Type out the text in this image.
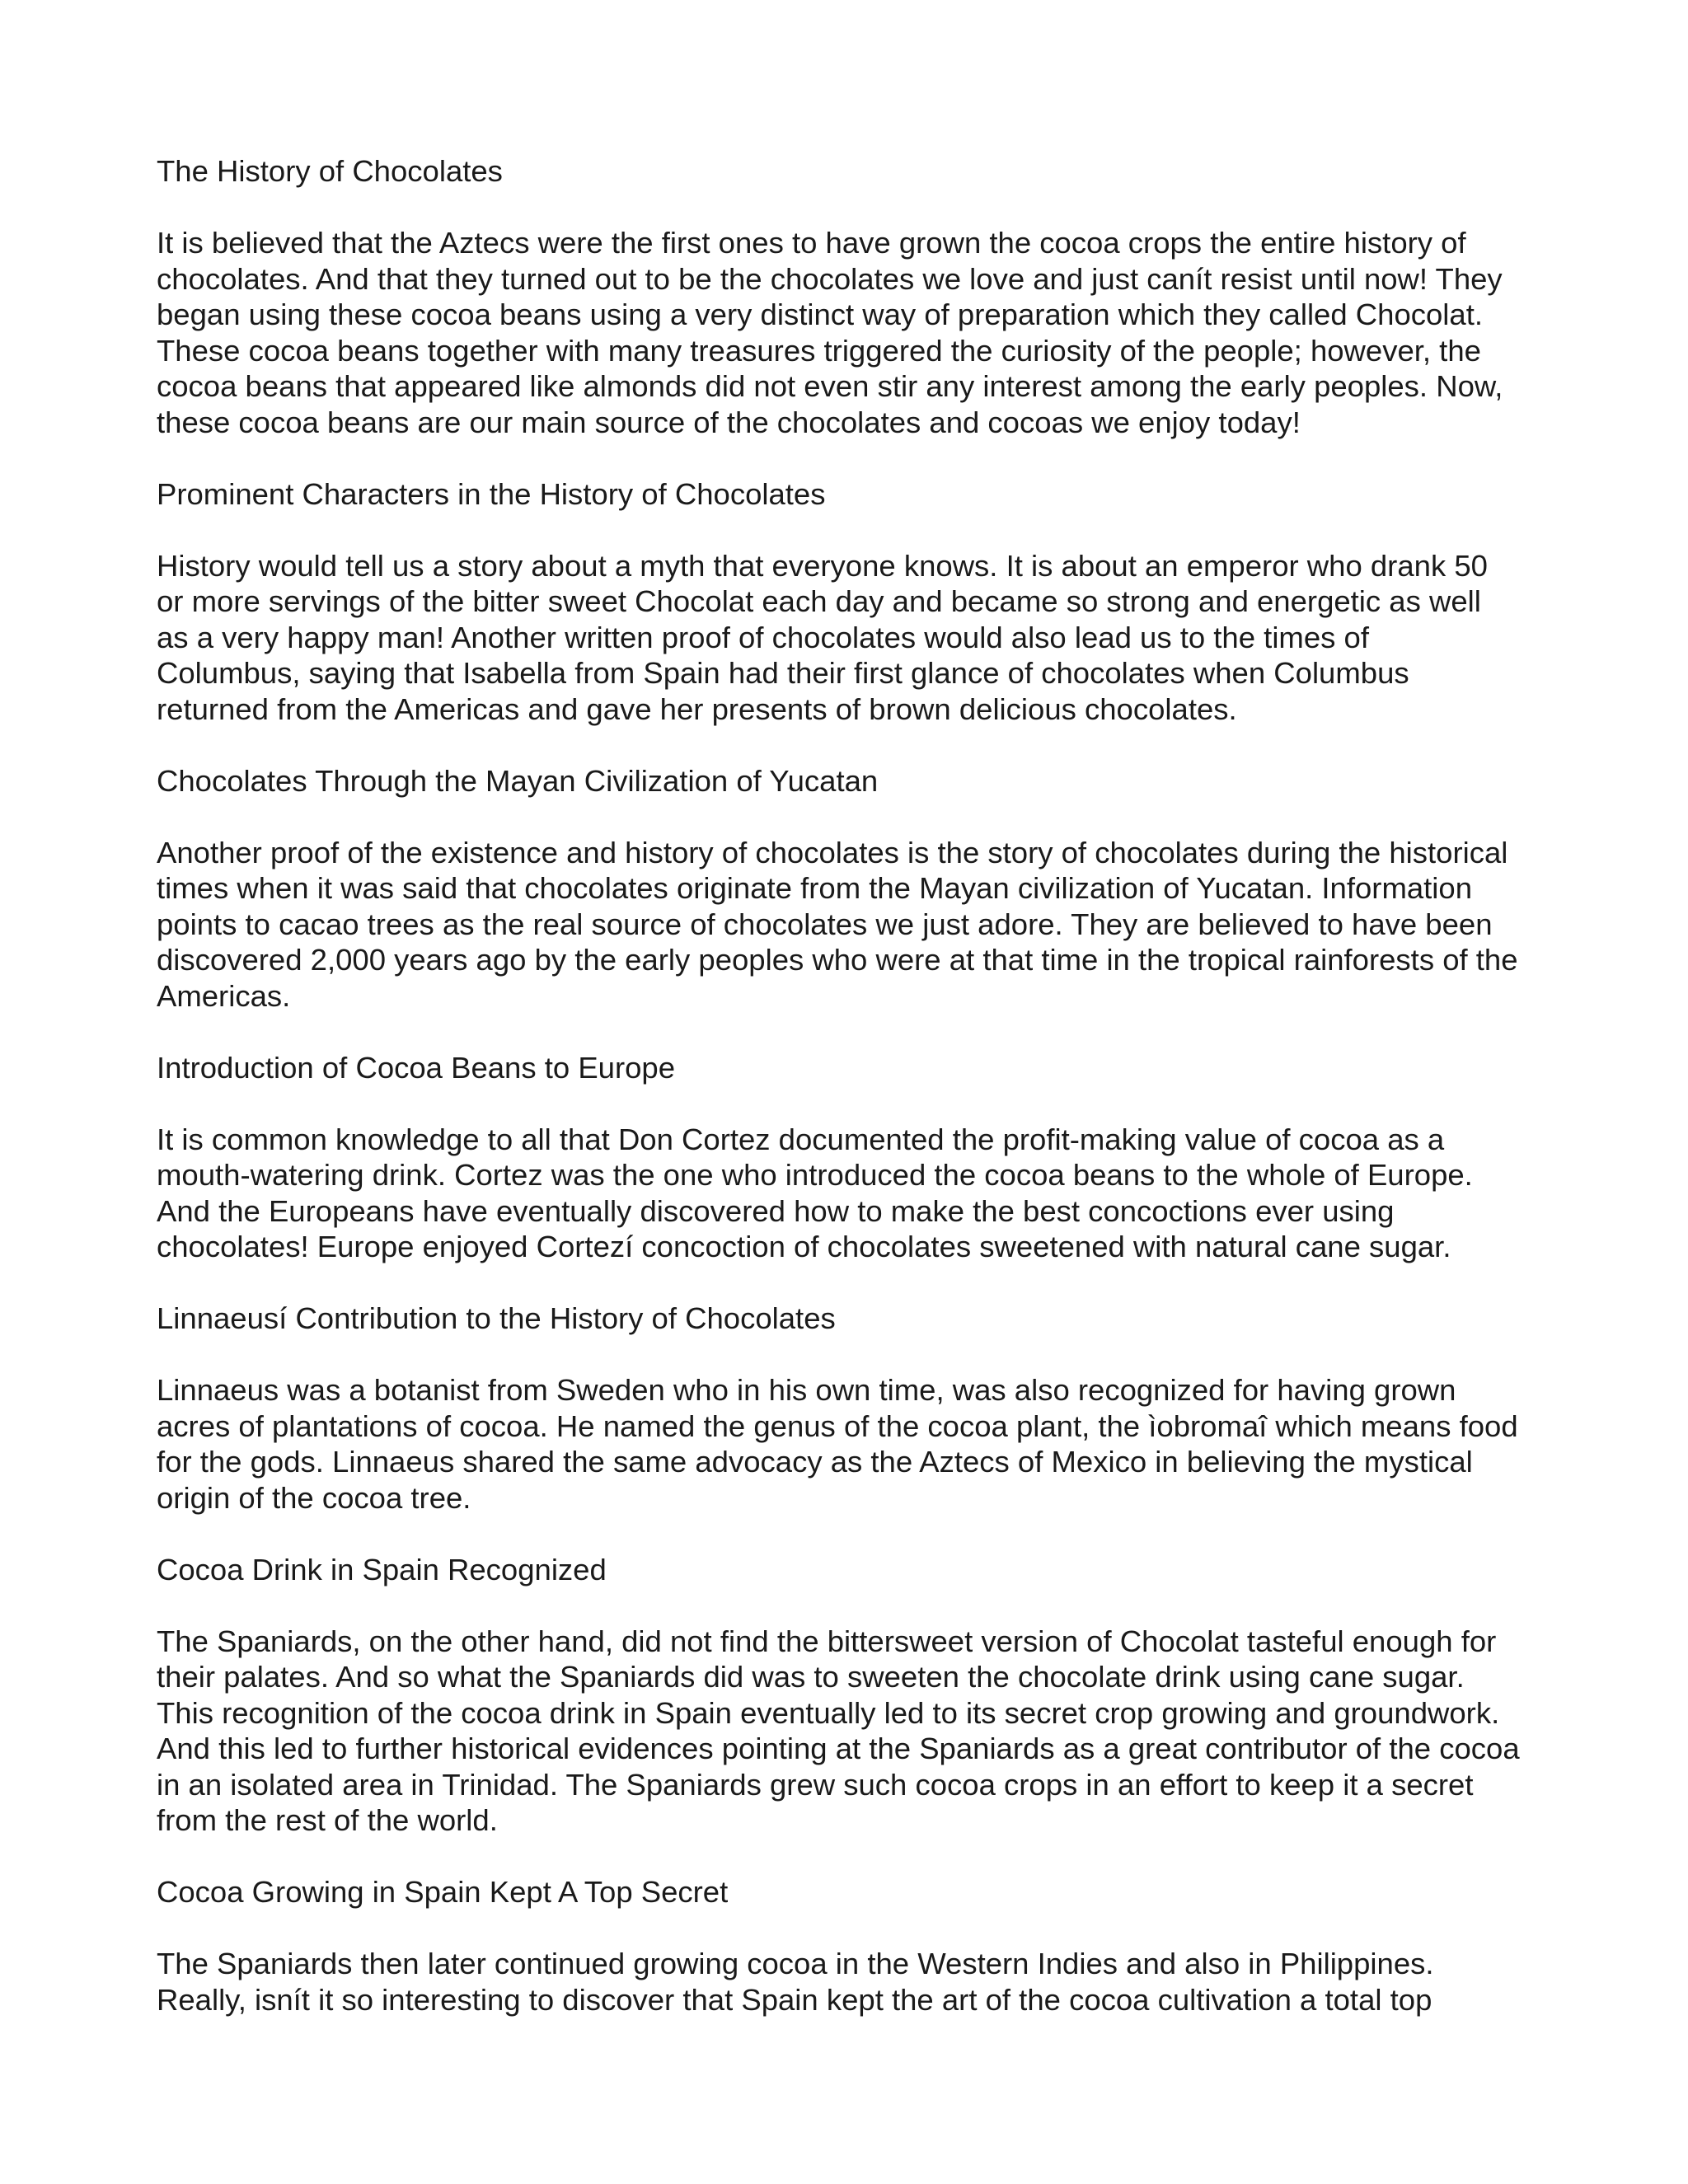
The History of Chocolates
It is believed that the Aztecs were the first ones to have grown the cocoa crops the entire history of
chocolates. And that they turned out to be the chocolates we love and just canít resist until now! They
began using these cocoa beans using a very distinct way of preparation which they called Chocolat.
These cocoa beans together with many treasures triggered the curiosity of the people; however, the
cocoa beans that appeared like almonds did not even stir any interest among the early peoples. Now,
these cocoa beans are our main source of the chocolates and cocoas we enjoy today!
Prominent Characters in the History of Chocolates
History would tell us a story about a myth that everyone knows. It is about an emperor who drank 50
or more servings of the bitter sweet Chocolat each day and became so strong and energetic as well
as a very happy man! Another written proof of chocolates would also lead us to the times of
Columbus, saying that Isabella from Spain had their first glance of chocolates when Columbus
returned from the Americas and gave her presents of brown delicious chocolates.
Chocolates Through the Mayan Civilization of Yucatan
Another proof of the existence and history of chocolates is the story of chocolates during the historical
times when it was said that chocolates originate from the Mayan civilization of Yucatan. Information
points to cacao trees as the real source of chocolates we just adore. They are believed to have been
discovered 2,000 years ago by the early peoples who were at that time in the tropical rainforests of the
Americas.
Introduction of Cocoa Beans to Europe
It is common knowledge to all that Don Cortez documented the profit-making value of cocoa as a
mouth-watering drink. Cortez was the one who introduced the cocoa beans to the whole of Europe.
And the Europeans have eventually discovered how to make the best concoctions ever using
chocolates! Europe enjoyed Cortezí concoction of chocolates sweetened with natural cane sugar.
Linnaeusí Contribution to the History of Chocolates
Linnaeus was a botanist from Sweden who in his own time, was also recognized for having grown
acres of plantations of cocoa. He named the genus of the cocoa plant, the ìobromaî which means food
for the gods. Linnaeus shared the same advocacy as the Aztecs of Mexico in believing the mystical
origin of the cocoa tree.
Cocoa Drink in Spain Recognized
The Spaniards, on the other hand, did not find the bittersweet version of Chocolat tasteful enough for
their palates. And so what the Spaniards did was to sweeten the chocolate drink using cane sugar.
This recognition of the cocoa drink in Spain eventually led to its secret crop growing and groundwork.
And this led to further historical evidences pointing at the Spaniards as a great contributor of the cocoa
in an isolated area in Trinidad. The Spaniards grew such cocoa crops in an effort to keep it a secret
from the rest of the world.
Cocoa Growing in Spain Kept A Top Secret
The Spaniards then later continued growing cocoa in the Western Indies and also in Philippines.
Really, isnít it so interesting to discover that Spain kept the art of the cocoa cultivation a total top
